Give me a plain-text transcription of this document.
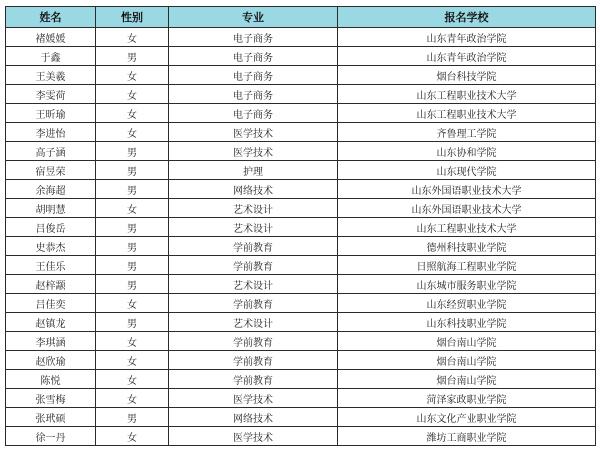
姓名	性别	专业	报名学校
褚媛媛	女	电子商务	山东青年政治学院
于鑫	男	电子商务	山东青年政治学院
王美羲	女	电子商务	烟台科技学院
李雯荷	女	电子商务	山东工程职业技术大学
王昕瑜	女	电子商务	山东工程职业技术大学
李进怡	女	医学技术	齐鲁理工学院
高子涵	男	医学技术	山东协和学院
宿昱荣	男	护理	山东现代学院
余海超	男	网络技术	山东外国语职业技术大学
胡明慧	女	艺术设计	山东外国语职业技术大学
吕俊岳	男	艺术设计	山东工程职业技术大学
史恭杰	男	学前教育	德州科技职业学院
王佳乐	男	学前教育	日照航海工程职业学院
赵梓颥	男	艺术设计	山东城市服务职业学院
吕佳奕	女	学前教育	山东经贸职业学院
赵镇龙	男	艺术设计	山东科技职业学院
李琪涵	女	学前教育	烟台南山学院
赵欣瑜	女	学前教育	烟台南山学院
陈悦	女	学前教育	烟台南山学院
张雪梅	女	医学技术	菏泽家政职业学院
张玳硕	男	网络技术	山东文化产业职业学院
徐一丹	女	医学技术	潍坊工商职业学院
